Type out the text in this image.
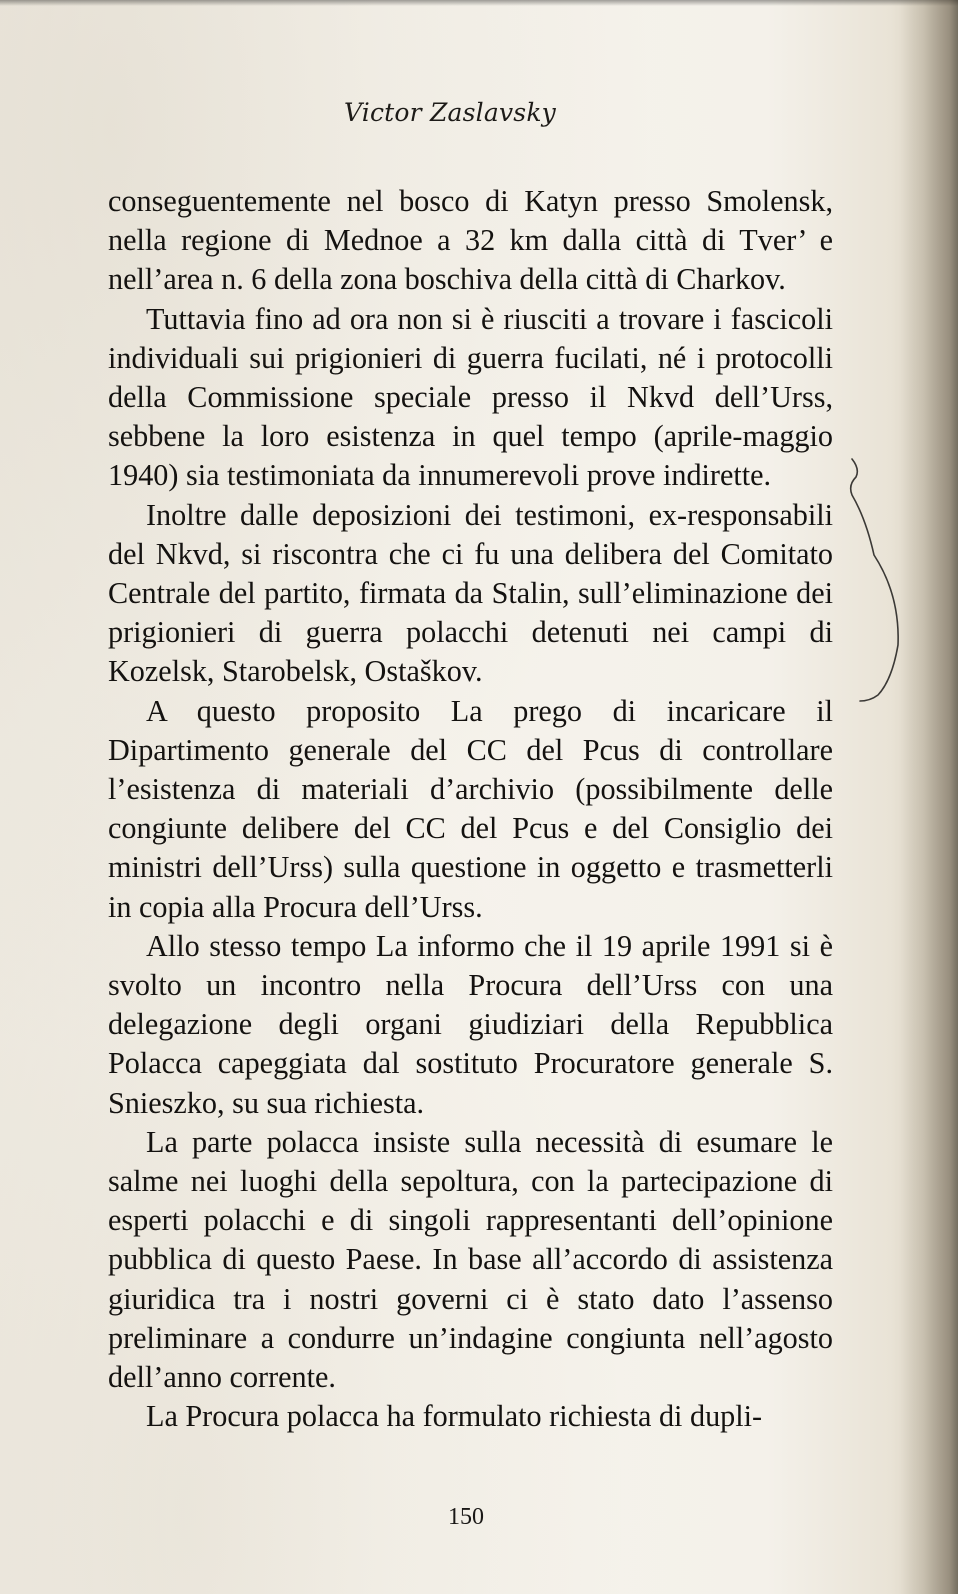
Victor Zaslavsky

conseguentemente nel bosco di Katyn presso Smolensk, nella regione di Mednoe a 32 km dalla città di Tver’ e nell’area n. 6 della zona boschiva della città di Charkov.

Tuttavia fino ad ora non si è riusciti a trovare i fascicoli individuali sui prigionieri di guerra fucilati, né i protocolli della Commissione speciale presso il Nkvd dell’Urss, sebbene la loro esistenza in quel tempo (aprile-maggio 1940) sia testimoniata da innumerevoli prove indirette.

Inoltre dalle deposizioni dei testimoni, ex-responsabili del Nkvd, si riscontra che ci fu una delibera del Comitato Centrale del partito, firmata da Stalin, sull’eliminazione dei prigionieri di guerra polacchi detenuti nei campi di Kozelsk, Starobelsk, Ostaškov.

A questo proposito La prego di incaricare il Dipartimento generale del CC del Pcus di controllare l’esistenza di materiali d’archivio (possibilmente delle congiunte delibere del CC del Pcus e del Consiglio dei ministri dell’Urss) sulla questione in oggetto e trasmetterli in copia alla Procura dell’Urss.

Allo stesso tempo La informo che il 19 aprile 1991 si è svolto un incontro nella Procura dell’Urss con una delegazione degli organi giudiziari della Repubblica Polacca capeggiata dal sostituto Procuratore generale S. Snieszko, su sua richiesta.

La parte polacca insiste sulla necessità di esumare le salme nei luoghi della sepoltura, con la partecipazione di esperti polacchi e di singoli rappresentanti dell’opinione pubblica di questo Paese. In base all’accordo di assistenza giuridica tra i nostri governi ci è stato dato l’assenso preliminare a condurre un’indagine congiunta nell’agosto dell’anno corrente.

La Procura polacca ha formulato richiesta di dupli-

150
